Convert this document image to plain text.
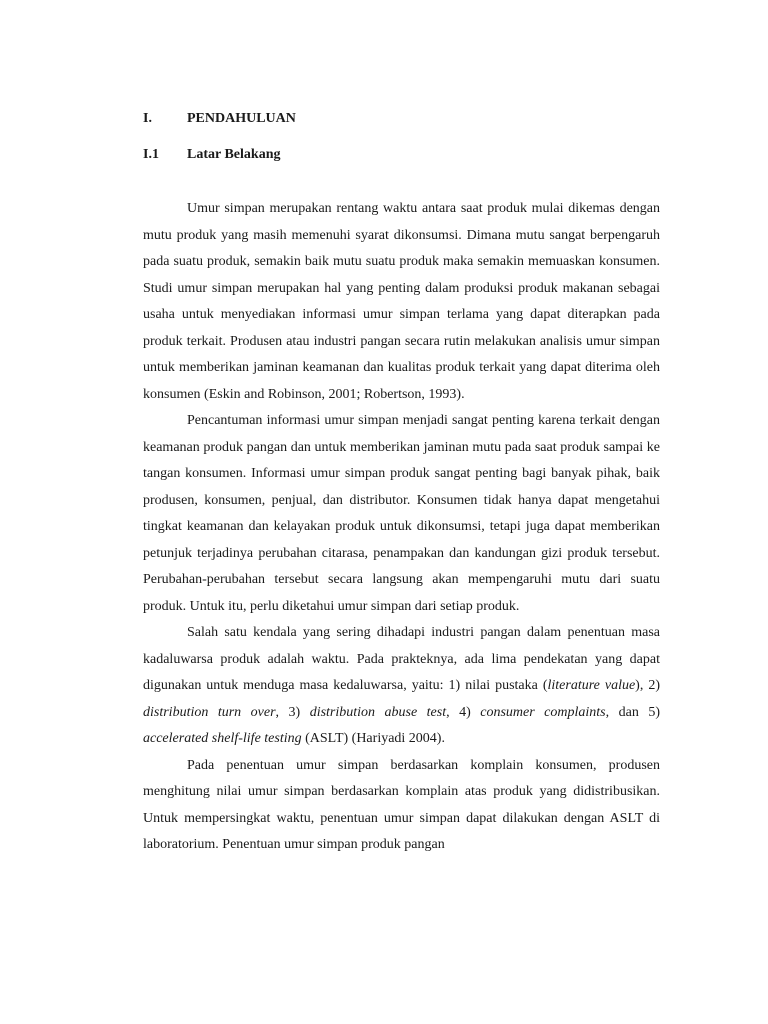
I.	PENDAHULUAN
I.1 Latar Belakang

Umur simpan merupakan rentang waktu antara saat produk mulai dikemas dengan mutu produk yang masih memenuhi syarat dikonsumsi. Dimana mutu sangat berpengaruh pada suatu produk, semakin baik mutu suatu produk maka semakin memuaskan konsumen. Studi umur simpan merupakan hal yang penting dalam produksi produk makanan sebagai usaha untuk menyediakan informasi umur simpan terlama yang dapat diterapkan pada produk terkait. Produsen atau industri pangan secara rutin melakukan analisis umur simpan untuk memberikan jaminan keamanan dan kualitas produk terkait yang dapat diterima oleh konsumen (Eskin and Robinson, 2001; Robertson, 1993).

Pencantuman informasi umur simpan menjadi sangat penting karena terkait dengan keamanan produk pangan dan untuk memberikan jaminan mutu pada saat produk sampai ke tangan konsumen. Informasi umur simpan produk sangat penting bagi banyak pihak, baik produsen, konsumen, penjual, dan distributor. Konsumen tidak hanya dapat mengetahui tingkat keamanan dan kelayakan produk untuk dikonsumsi, tetapi juga dapat memberikan petunjuk terjadinya perubahan citarasa, penampakan dan kandungan gizi produk tersebut. Perubahan-perubahan tersebut secara langsung akan mempengaruhi mutu dari suatu produk. Untuk itu, perlu diketahui umur simpan dari setiap produk.

Salah satu kendala yang sering dihadapi industri pangan dalam penentuan masa kadaluwarsa produk adalah waktu. Pada prakteknya, ada lima pendekatan yang dapat digunakan untuk menduga masa kedaluwarsa, yaitu: 1) nilai pustaka (literature value), 2) distribution turn over, 3) distribution abuse test, 4) consumer complaints, dan 5) accelerated shelf-life testing (ASLT) (Hariyadi 2004).

Pada penentuan umur simpan berdasarkan komplain konsumen, produsen menghitung nilai umur simpan berdasarkan komplain atas produk yang didistribusikan. Untuk mempersingkat waktu, penentuan umur simpan dapat dilakukan dengan ASLT di laboratorium. Penentuan umur simpan produk pangan
